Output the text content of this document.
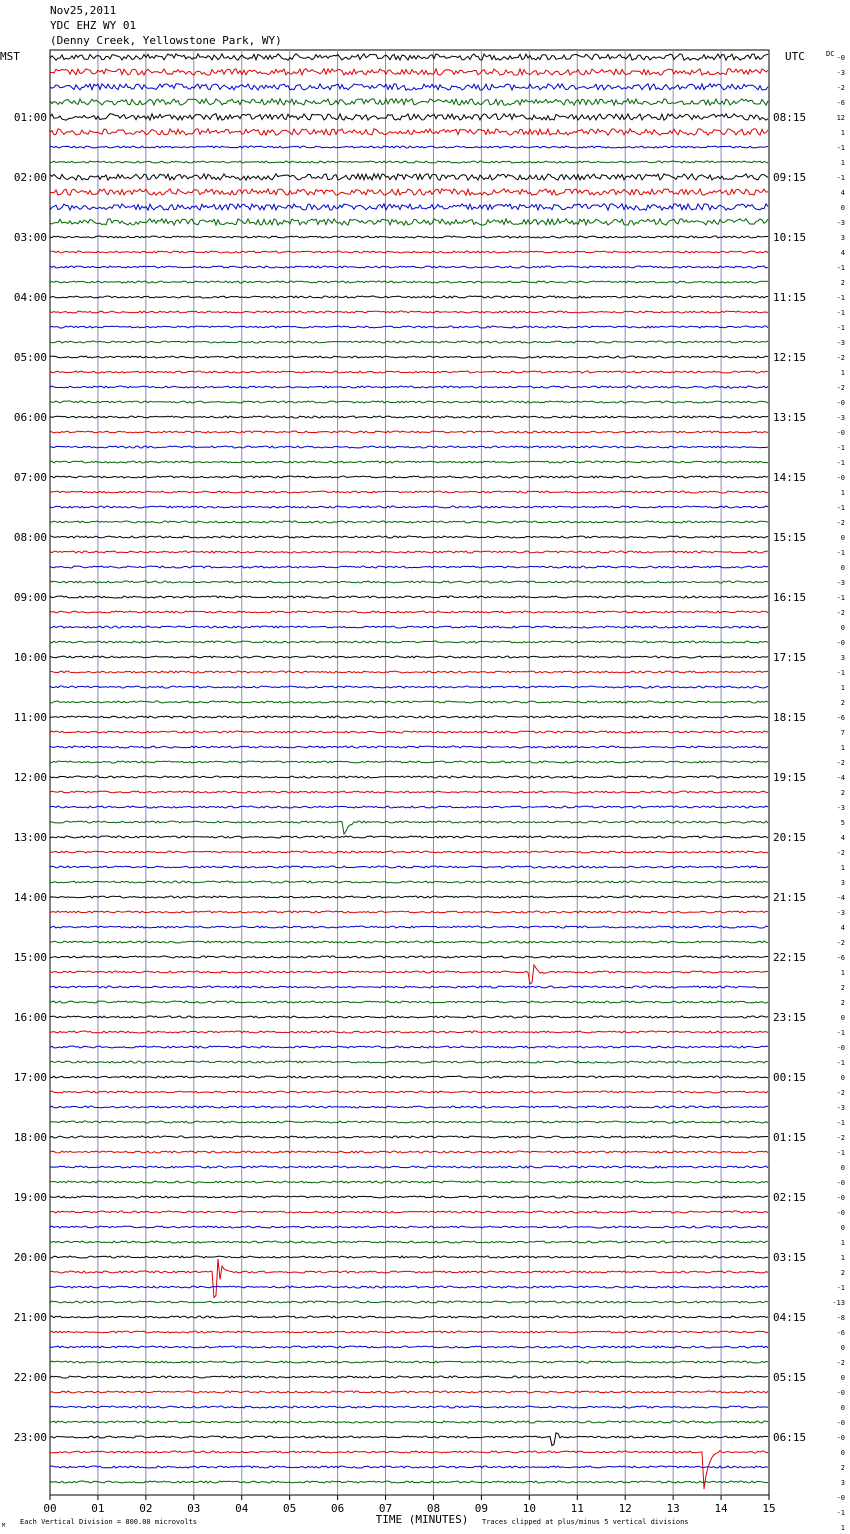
Nov25,2011
YDC EHZ WY 01
(Denny Creek, Yellowstone Park, WY)
MST	UTC
01:00
02:00
03:00
04:00
05:00
06:00
07:00
08:00
09:00
10:00
11:00
12:00
13:00
14:00
15:00
16:00
17:00
18:00
19:00
20:00
21:00
22:00
23:00
08:15
09:15
10:15
11:15
12:15
13:15
14:15
15:15
16:15
17:15
18:15
19:15
20:15
21:15
22:15
23:15
00:15
01:15
02:15
03:15
04:15
05:15
06:15
DC -0
-3
-2
-6
12
1
-1
1
-1
4
0
-3
3
4
-1
2
-1
-1
-1
-3
-2
1
-2
-0
-3
-0
-1
-1
-0
1
-1
-2
0
-1
0
-3
-1
-2
0
-0
3
-1
1
2
-6
7
1
-2
-4
2
-3
5
4
-2
1
3
-4
-3
4
-2
-6
1
2
2
0
-1
-0
-1
0
-2
-3
-1
-2
-1
0
-0
-0
-0
0
1
1
2
-1
-13
-8
-6
0
-2
0
-0
0
-0
-0
0
2
3
-0
-1
1
00	01	02	03	04	05	06	07	08	09	10	11	12	13	14	15
Each Vertical Division = 800.00 microvolts	TIME (MINUTES) Traces clipped at plus/minus 5 vertical divisions
M
